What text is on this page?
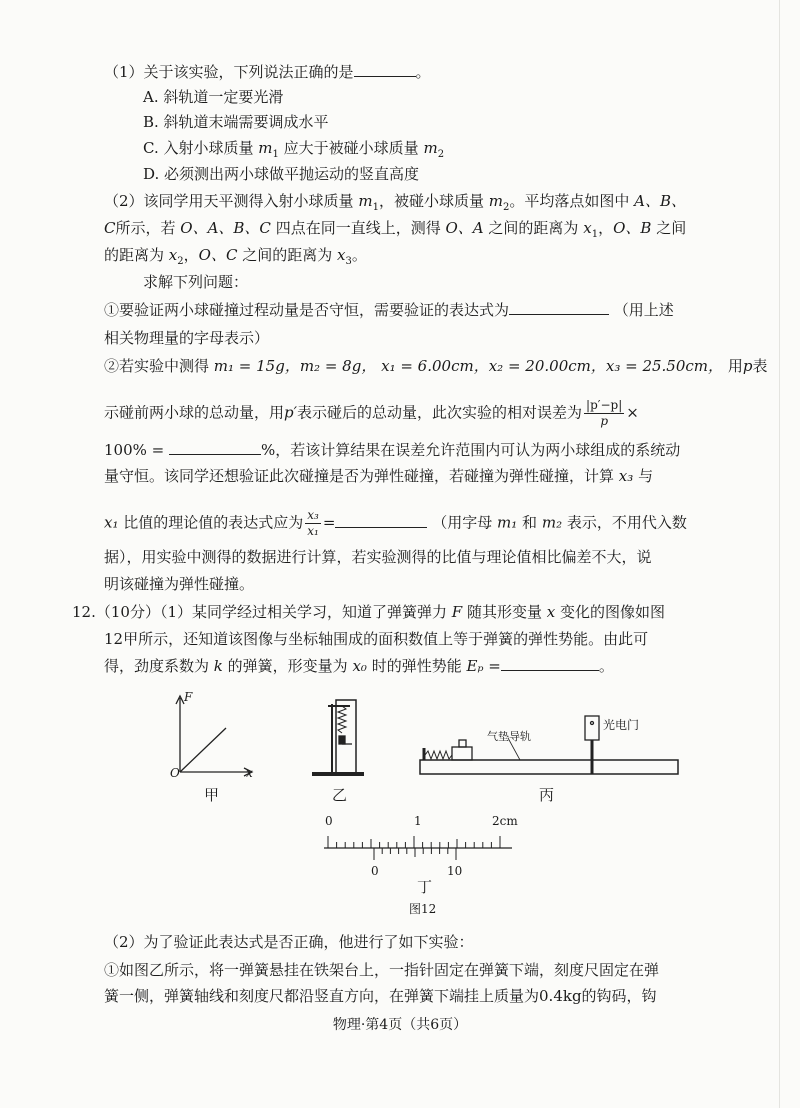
（1）关于该实验，下列说法正确的是	。
A. 斜轨道一定要光滑
B. 斜轨道末端需要调成水平
C. 入射小球质量 $m_1$ 应大于被碰小球质量 $m_2$
D. 必须测出两小球做平抛运动的竖直高度
（2）该同学用天平测得入射小球质量 $m_1$，被碰小球质量 $m_2$。平均落点如图中 A、B、
C所示，若 O、A、B、C 四点在同一直线上，测得 O、A 之间的距离为 $x_1$，O、B 之间
的距离为 $x_2$，O、C 之间的距离为 $x_3$。
求解下列问题：
①要验证两小球碰撞过程动量是否守恒，需要验证的表达式为	（用上述
相关物理量的字母表示）
②若实验中测得 m₁ = 15g，m₂ = 8g， x₁ = 6.00cm，x₂ = 20.00cm，x₃ = 25.50cm， 用p表
示碰前两小球的总动量，用p′表示碰后的总动量，此次实验的相对误差为 $\frac{|p'-p|}{p}$ ×
100% =	%，若该计算结果在误差允许范围内可认为两小球组成的系统动
量守恒。该同学还想验证此次碰撞是否为弹性碰撞，若碰撞为弹性碰撞，计算 x₃ 与
x₁ 比值的理论值的表达式应为 $\frac{\text{x₃}}{\text{x₁}}$ =	（用字母 m₁ 和 m₂ 表示，不用代入数
据），用实验中测得的数据进行计算，若实验测得的比值与理论值相比偏差不大，说
明该碰撞为弹性碰撞。
12.（10分）（1）某同学经过相关学习，知道了弹簧弹力 F 随其形变量 x 变化的图像如图
12甲所示，还知道该图像与坐标轴围成的面积数值上等于弹簧的弹性势能。由此可
得，劲度系数为 k 的弹簧，形变量为 x₀ 时的弹性势能 Eₚ =	。
F
x
O
甲	乙	丙
气垫导轨
光电门
0	1	2cm
0	10
丁
图12
（2）为了验证此表达式是否正确，他进行了如下实验：
①如图乙所示，将一弹簧悬挂在铁架台上，一指针固定在弹簧下端，刻度尺固定在弹
簧一侧，弹簧轴线和刻度尺都沿竖直方向，在弹簧下端挂上质量为0.4kg的钩码，钩
物理·第4页（共6页）
